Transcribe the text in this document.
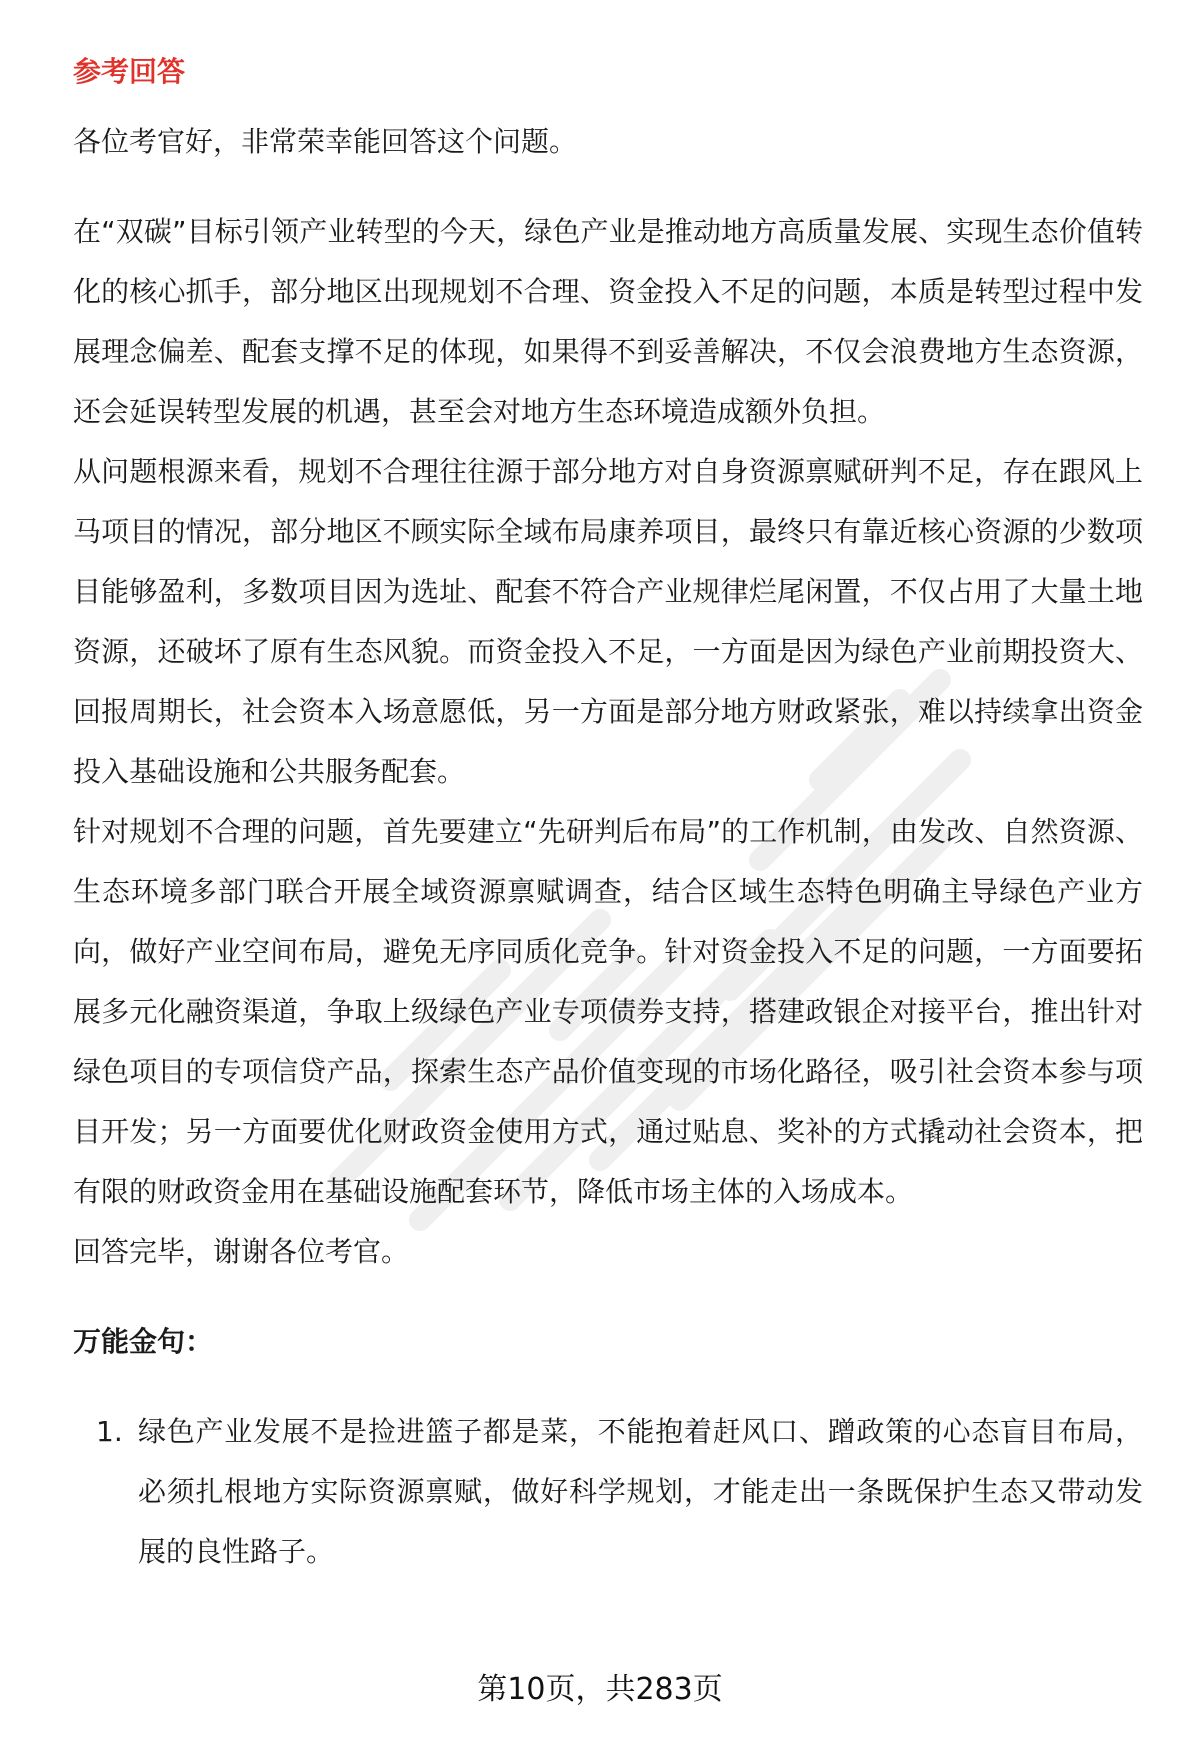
参考回答

各位考官好，非常荣幸能回答这个问题。

在“双碳”目标引领产业转型的今天，绿色产业是推动地方高质量发展、实现生态价值转化的核心抓手，部分地区出现规划不合理、资金投入不足的问题，本质是转型过程中发展理念偏差、配套支撑不足的体现，如果得不到妥善解决，不仅会浪费地方生态资源，还会延误转型发展的机遇，甚至会对地方生态环境造成额外负担。

从问题根源来看，规划不合理往往源于部分地方对自身资源禀赋研判不足，存在跟风上马项目的情况，部分地区不顾实际全域布局康养项目，最终只有靠近核心资源的少数项目能够盈利，多数项目因为选址、配套不符合产业规律烂尾闲置，不仅占用了大量土地资源，还破坏了原有生态风貌。而资金投入不足，一方面是因为绿色产业前期投资大、回报周期长，社会资本入场意愿低，另一方面是部分地方财政紧张，难以持续拿出资金投入基础设施和公共服务配套。

针对规划不合理的问题，首先要建立“先研判后布局”的工作机制，由发改、自然资源、生态环境多部门联合开展全域资源禀赋调查，结合区域生态特色明确主导绿色产业方向，做好产业空间布局，避免无序同质化竞争。针对资金投入不足的问题，一方面要拓展多元化融资渠道，争取上级绿色产业专项债券支持，搭建政银企对接平台，推出针对绿色项目的专项信贷产品，探索生态产品价值变现的市场化路径，吸引社会资本参与项目开发；另一方面要优化财政资金使用方式，通过贴息、奖补的方式撬动社会资本，把有限的财政资金用在基础设施配套环节，降低市场主体的入场成本。

回答完毕，谢谢各位考官。

万能金句：
1. 绿色产业发展不是捡进篮子都是菜，不能抱着赶风口、蹭政策的心态盲目布局，必须扎根地方实际资源禀赋，做好科学规划，才能走出一条既保护生态又带动发展的良性路子。
第10页，共283页
